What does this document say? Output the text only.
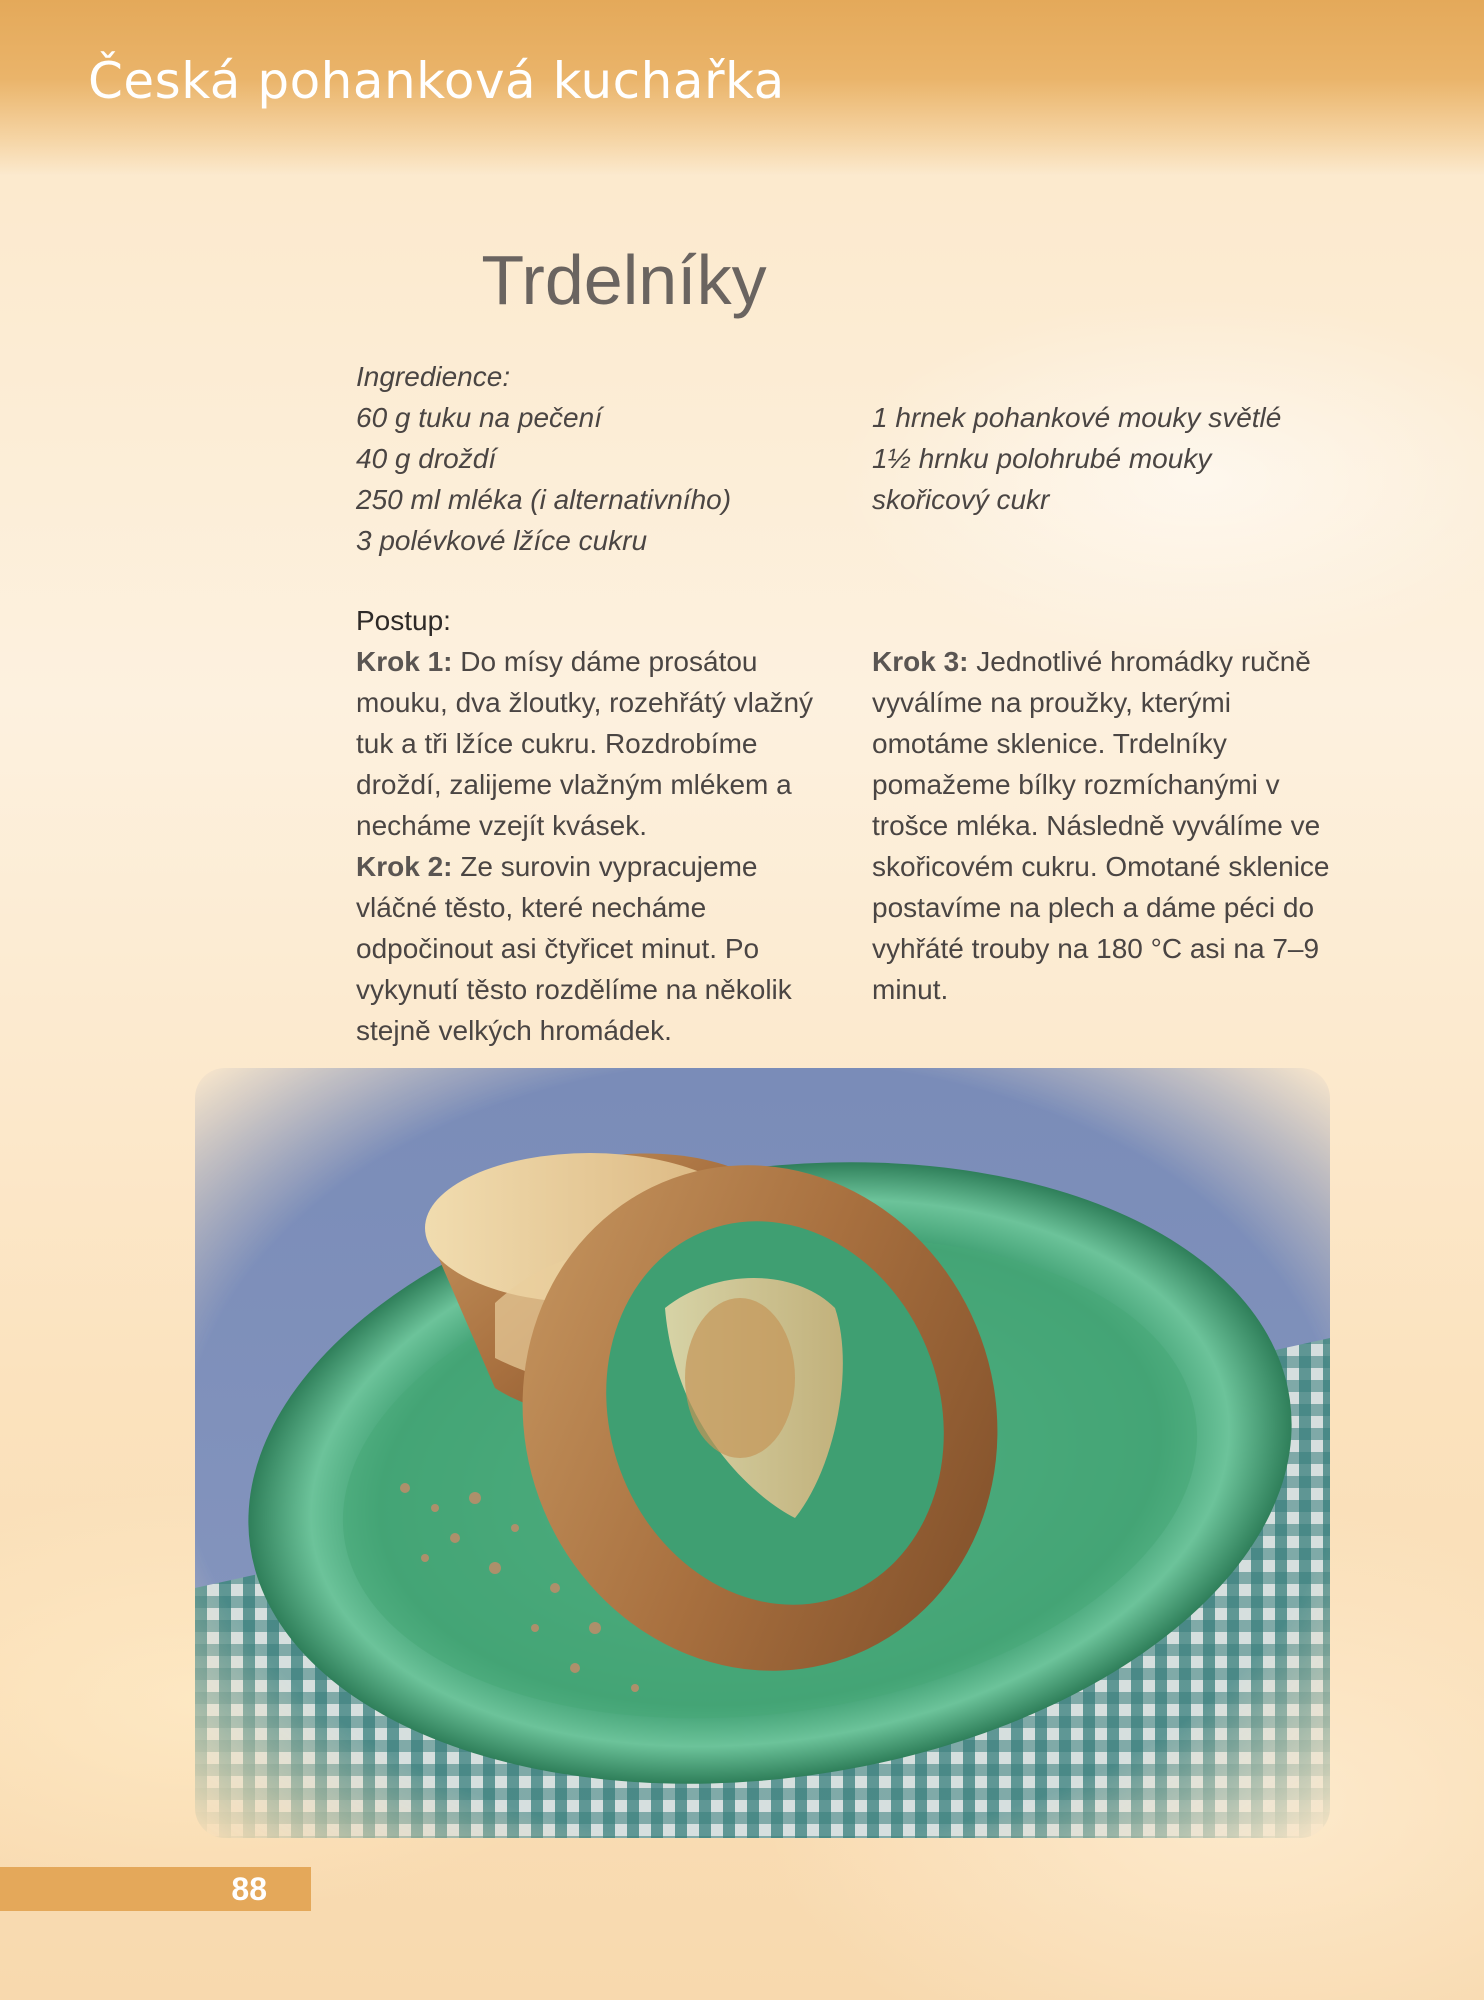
Česká pohanková kuchařka
Trdelníky

Ingredience:

60 g tuku na pečení
40 g droždí
250 ml mléka (i alternativního)
3 polévkové lžíce cukru
1 hrnek pohankové mouky světlé
1½ hrnku polohrubé mouky
skořicový cukr

Postup:

Krok 1: Do mísy dáme prosátou mouku, dva žloutky, rozehřátý vlažný tuk a tři lžíce cukru. Rozdrobíme droždí, zalijeme vlažným mlékem a necháme vzejít kvásek.

Krok 2: Ze surovin vypracujeme vláčné těsto, které necháme odpočinout asi čtyřicet minut. Po vykynutí těsto rozdělíme na několik stejně velkých hromádek.

Krok 3: Jednotlivé hromádky ručně vyválíme na proužky, kterými omotáme sklenice. Trdelníky pomažeme bílky rozmíchanými v trošce mléka. Následně vyválíme ve skořicovém cukru. Omotané sklenice postavíme na plech a dáme péci do vyhřáté trouby na 180 °C asi na 7–9 minut.

88
